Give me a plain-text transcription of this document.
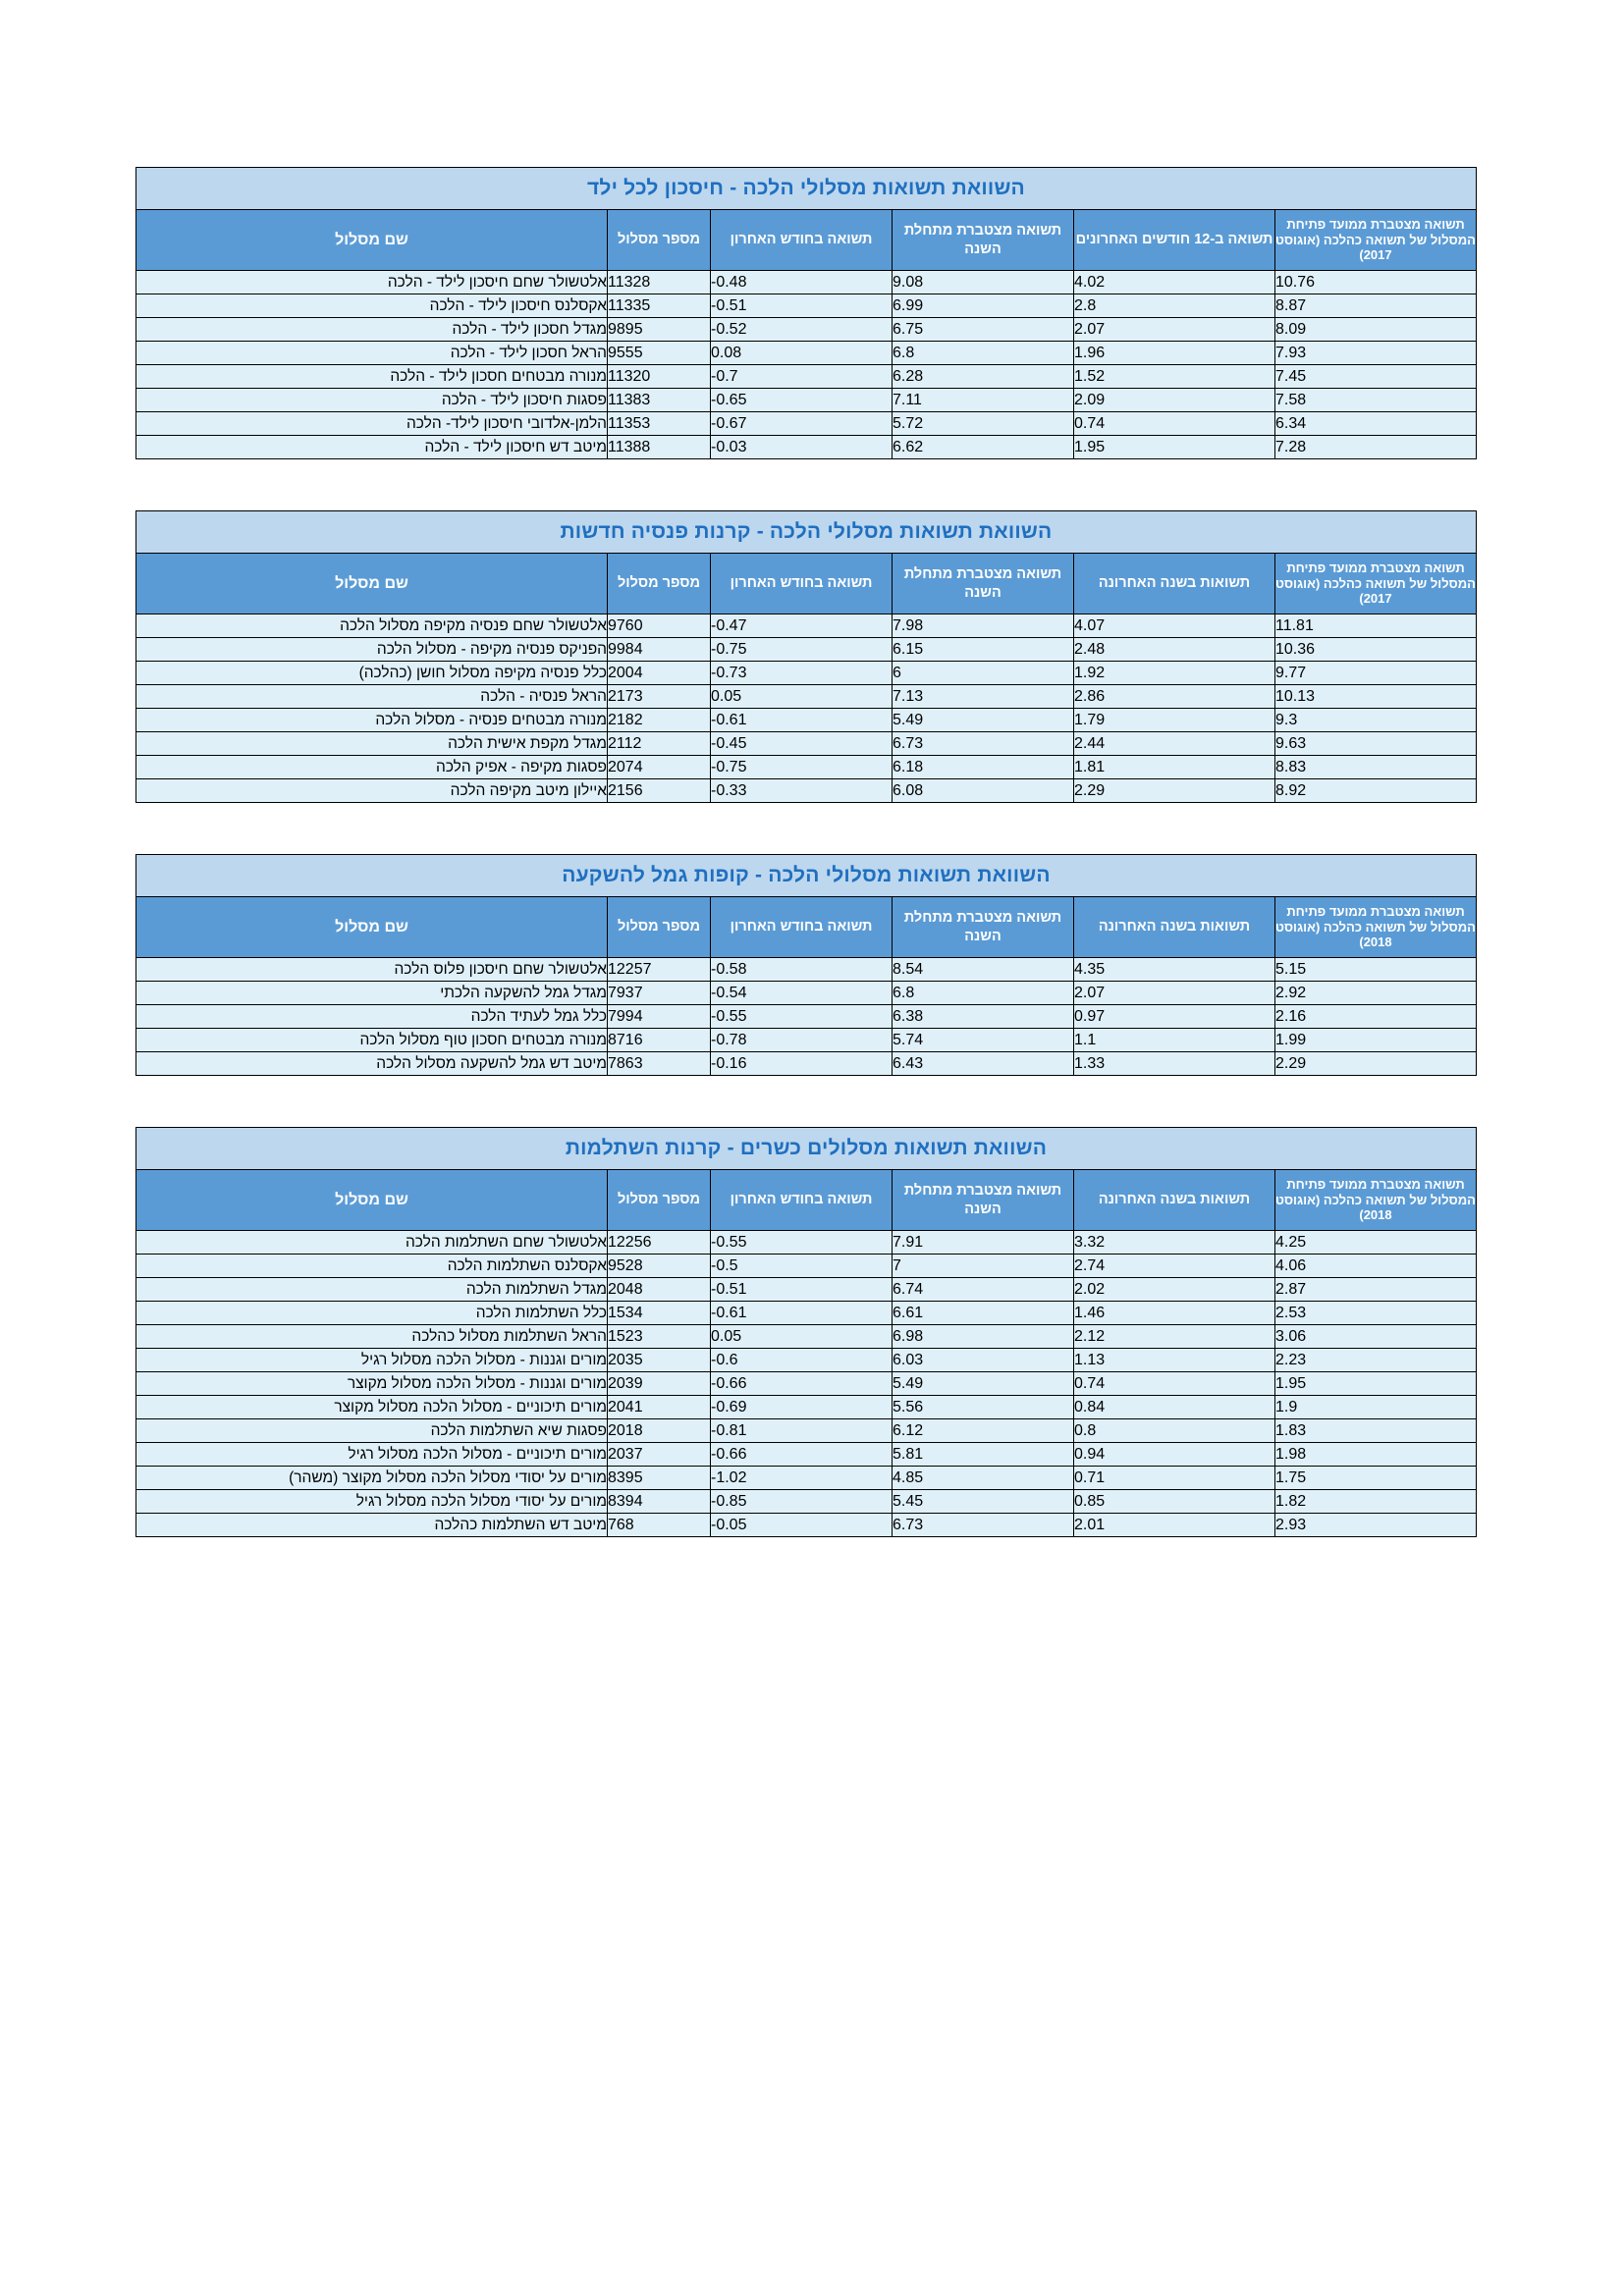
השוואת תשואות מסלולי הלכה - חיסכון לכל ילד					
תשואה מצטברת ממועד פתיחת המסלול של תשואה כהלכה (אוגוסט 2017)	תשואה ב-12 חודשים האחרונים	תשואה מצטברת מתחלת השנה	תשואה בחודש האחרון	מספר מסלול	שם מסלול
10.76	4.02	9.08	-0.48	11328	אלטשולר שחם חיסכון לילד - הלכה
8.87	2.8	6.99	-0.51	11335	אקסלנס חיסכון לילד - הלכה
8.09	2.07	6.75	-0.52	9895	מגדל חסכון לילד - הלכה
7.93	1.96	6.8	0.08	9555	הראל חסכון לילד - הלכה
7.45	1.52	6.28	-0.7	11320	מנורה מבטחים חסכון לילד - הלכה
7.58	2.09	7.11	-0.65	11383	פסגות חיסכון לילד - הלכה
6.34	0.74	5.72	-0.67	11353	הלמן-אלדובי חיסכון לילד- הלכה
7.28	1.95	6.62	-0.03	11388	מיטב דש חיסכון לילד - הלכה
השוואת תשואות מסלולי הלכה - קרנות פנסיה חדשות					
תשואה מצטברת ממועד פתיחת המסלול של תשואה כהלכה (אוגוסט 2017)	תשואות בשנה האחרונה	תשואה מצטברת מתחלת השנה	תשואה בחודש האחרון	מספר מסלול	שם מסלול
11.81	4.07	7.98	-0.47	9760	אלטשולר שחם פנסיה מקיפה מסלול הלכה
10.36	2.48	6.15	-0.75	9984	הפניקס פנסיה מקיפה - מסלול הלכה
9.77	1.92	6	-0.73	2004	כלל פנסיה מקיפה מסלול חושן (כהלכה)
10.13	2.86	7.13	0.05	2173	הראל פנסיה - הלכה
9.3	1.79	5.49	-0.61	2182	מנורה מבטחים פנסיה - מסלול הלכה
9.63	2.44	6.73	-0.45	2112	מגדל מקפת אישית הלכה
8.83	1.81	6.18	-0.75	2074	פסגות מקיפה - אפיק הלכה
8.92	2.29	6.08	-0.33	2156	איילון מיטב מקיפה הלכה
השוואת תשואות מסלולי הלכה - קופות גמל להשקעה					
תשואה מצטברת ממועד פתיחת המסלול של תשואה כהלכה (אוגוסט 2018)	תשואות בשנה האחרונה	תשואה מצטברת מתחלת השנה	תשואה בחודש האחרון	מספר מסלול	שם מסלול
5.15	4.35	8.54	-0.58	12257	אלטשולר שחם חיסכון פלוס הלכה
2.92	2.07	6.8	-0.54	7937	מגדל גמל להשקעה הלכתי
2.16	0.97	6.38	-0.55	7994	כלל גמל לעתיד הלכה
1.99	1.1	5.74	-0.78	8716	מנורה מבטחים חסכון טוף מסלול הלכה
2.29	1.33	6.43	-0.16	7863	מיטב דש גמל להשקעה מסלול הלכה
השוואת תשואות מסלולים כשרים - קרנות השתלמות					
תשואה מצטברת ממועד פתיחת המסלול של תשואה כהלכה (אוגוסט 2018)	תשואות בשנה האחרונה	תשואה מצטברת מתחלת השנה	תשואה בחודש האחרון	מספר מסלול	שם מסלול
4.25	3.32	7.91	-0.55	12256	אלטשולר שחם השתלמות הלכה
4.06	2.74	7	-0.5	9528	אקסלנס השתלמות הלכה
2.87	2.02	6.74	-0.51	2048	מגדל השתלמות הלכה
2.53	1.46	6.61	-0.61	1534	כלל השתלמות הלכה
3.06	2.12	6.98	0.05	1523	הראל השתלמות מסלול כהלכה
2.23	1.13	6.03	-0.6	2035	מורים וגננות - מסלול הלכה מסלול רגיל
1.95	0.74	5.49	-0.66	2039	מורים וגננות - מסלול הלכה מסלול מקוצר
1.9	0.84	5.56	-0.69	2041	מורים תיכוניים - מסלול הלכה מסלול מקוצר
1.83	0.8	6.12	-0.81	2018	פסגות שיא השתלמות הלכה
1.98	0.94	5.81	-0.66	2037	מורים תיכוניים - מסלול הלכה מסלול רגיל
1.75	0.71	4.85	-1.02	8395	מורים על יסודי מסלול הלכה מסלול מקוצר (משהר)
1.82	0.85	5.45	-0.85	8394	מורים על יסודי מסלול הלכה מסלול רגיל
2.93	2.01	6.73	-0.05	768	מיטב דש השתלמות כהלכה
